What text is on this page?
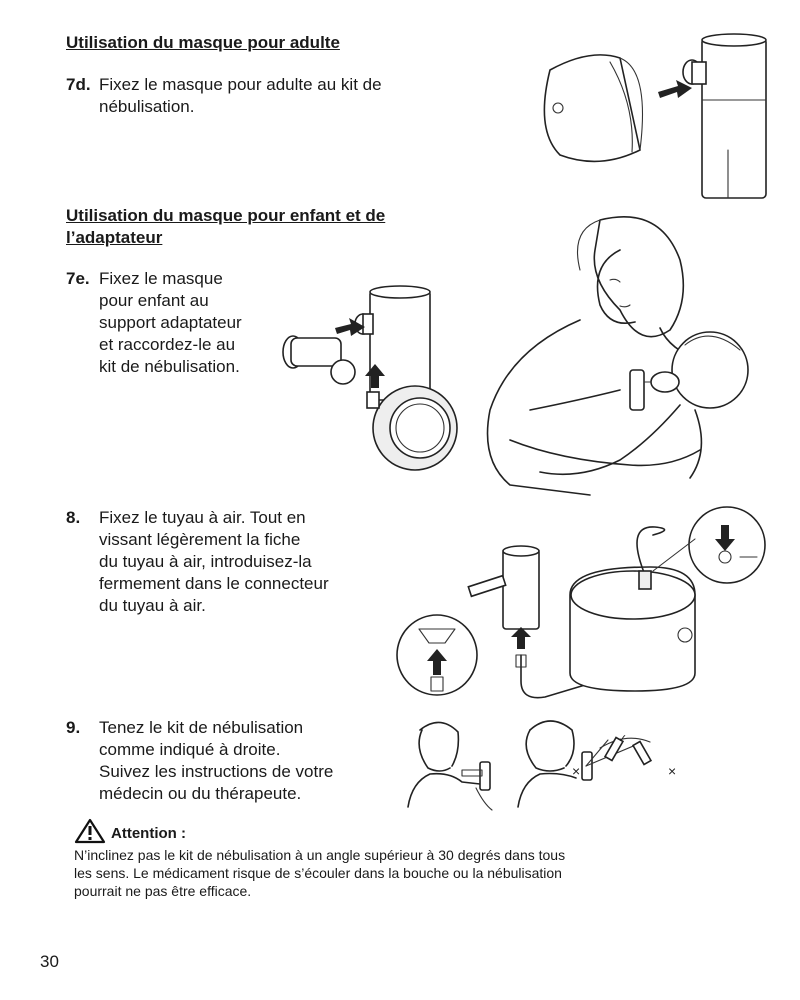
Utilisation du masque pour adulte
7d. Fixez le masque pour adulte au kit de
nébulisation.
Utilisation du masque pour enfant et de
l’adaptateur
7e. Fixez le masque
pour enfant au
support adaptateur
et raccordez-le au
kit de nébulisation.
8. Fixez le tuyau à air. Tout en
vissant légèrement la fiche
du tuyau à air, introduisez-la
fermement dans le connecteur
du tuyau à air.
9. Tenez le kit de nébulisation
comme indiqué à droite.
Suivez les instructions de votre
médecin ou du thérapeute.
×	×
✓
Attention :
N’inclinez pas le kit de nébulisation à un angle supérieur à 30 degrés dans tous
les sens. Le médicament risque de s’écouler dans la bouche ou la nébulisation
pourrait ne pas être efficace.
30
